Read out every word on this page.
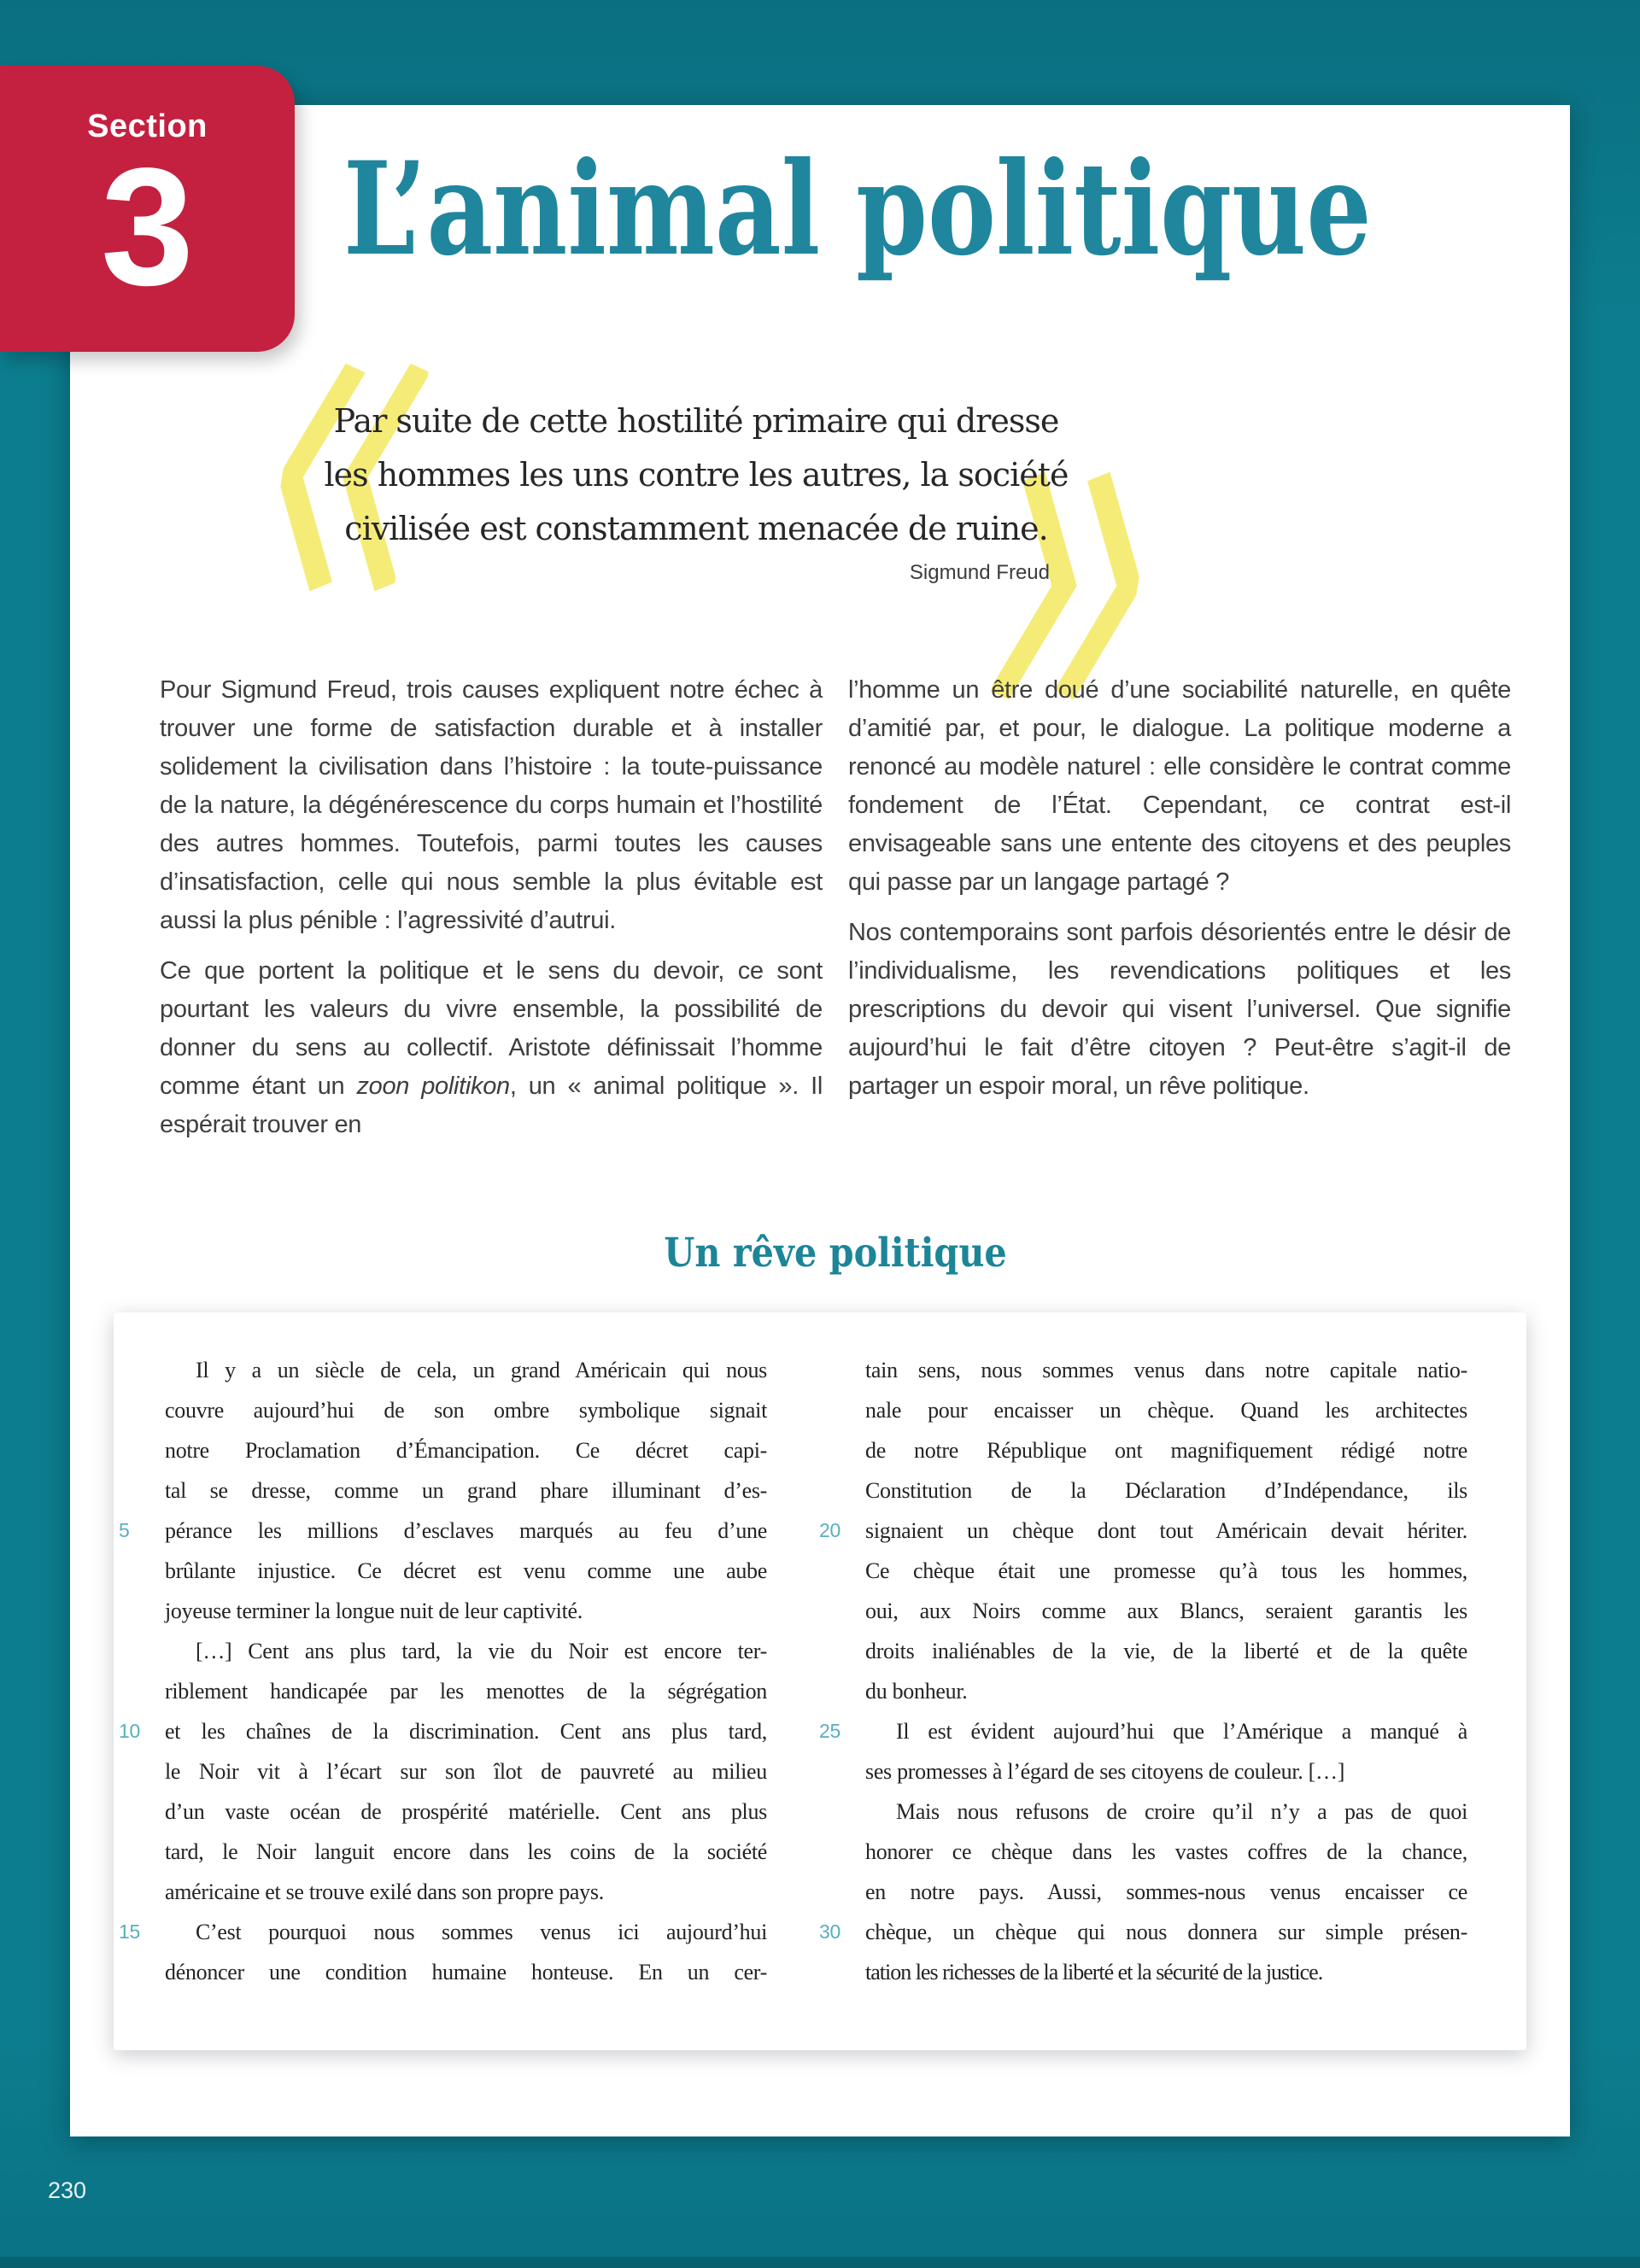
Section
3	L’animal politique
Par suite de cette hostilité primaire qui dresse
les hommes les uns contre les autres, la société
civilisée est constamment menacée de ruine.
Sigmund Freud

Pour Sigmund Freud, trois causes expliquent notre échec à trouver une forme de satisfaction durable et à installer solidement la civilisation dans l’histoire : la toute-puissance de la nature, la dégénérescence du corps humain et l’hostilité des autres hommes. Toutefois, parmi toutes les causes d’insatisfaction, celle qui nous semble la plus évitable est aussi la plus pénible : l’agressivité d’autrui.

Ce que portent la politique et le sens du devoir, ce sont pourtant les valeurs du vivre ensemble, la possibilité de donner du sens au collectif. Aristote définissait l’homme comme étant un zoon politikon, un « animal politique ». Il espérait trouver en

l’homme un être doué d’une sociabilité naturelle, en quête d’amitié par, et pour, le dialogue. La politique moderne a renoncé au modèle naturel : elle considère le contrat comme fondement de l’État. Cependant, ce contrat est-il envisageable sans une entente des citoyens et des peuples qui passe par un langage partagé ?

Nos contemporains sont parfois désorientés entre le désir de l’individualisme, les revendications politiques et les prescriptions du devoir qui visent l’universel. Que signifie aujourd’hui le fait d’être citoyen ? Peut-être s’agit-il de partager un espoir moral, un rêve politique.

Un rêve politique
Il y a un siècle de cela, un grand Américain qui nous
couvre aujourd’hui de son ombre symbolique signait
notre Proclamation d’Émancipation. Ce décret capi-
tal se dresse, comme un grand phare illuminant d’es-
5	pérance les millions d’esclaves marqués au feu d’une
brûlante injustice. Ce décret est venu comme une aube
joyeuse terminer la longue nuit de leur captivité.
[…] Cent ans plus tard, la vie du Noir est encore ter-
riblement handicapée par les menottes de la ségrégation
10	et les chaînes de la discrimination. Cent ans plus tard,
le Noir vit à l’écart sur son îlot de pauvreté au milieu
d’un vaste océan de prospérité matérielle. Cent ans plus
tard, le Noir languit encore dans les coins de la société
américaine et se trouve exilé dans son propre pays.
15	C’est pourquoi nous sommes venus ici aujourd’hui
dénoncer une condition humaine honteuse. En un cer-
tain sens, nous sommes venus dans notre capitale natio-
nale pour encaisser un chèque. Quand les architectes
de notre République ont magnifiquement rédigé notre
Constitution de la Déclaration d’Indépendance, ils
20	signaient un chèque dont tout Américain devait hériter.
Ce chèque était une promesse qu’à tous les hommes,
oui, aux Noirs comme aux Blancs, seraient garantis les
droits inaliénables de la vie, de la liberté et de la quête
du bonheur.
25	Il est évident aujourd’hui que l’Amérique a manqué à
ses promesses à l’égard de ses citoyens de couleur. […]
Mais nous refusons de croire qu’il n’y a pas de quoi
honorer ce chèque dans les vastes coffres de la chance,
en notre pays. Aussi, sommes-nous venus encaisser ce
30	chèque, un chèque qui nous donnera sur simple présen-
tation les richesses de la liberté et la sécurité de la justice.
230
